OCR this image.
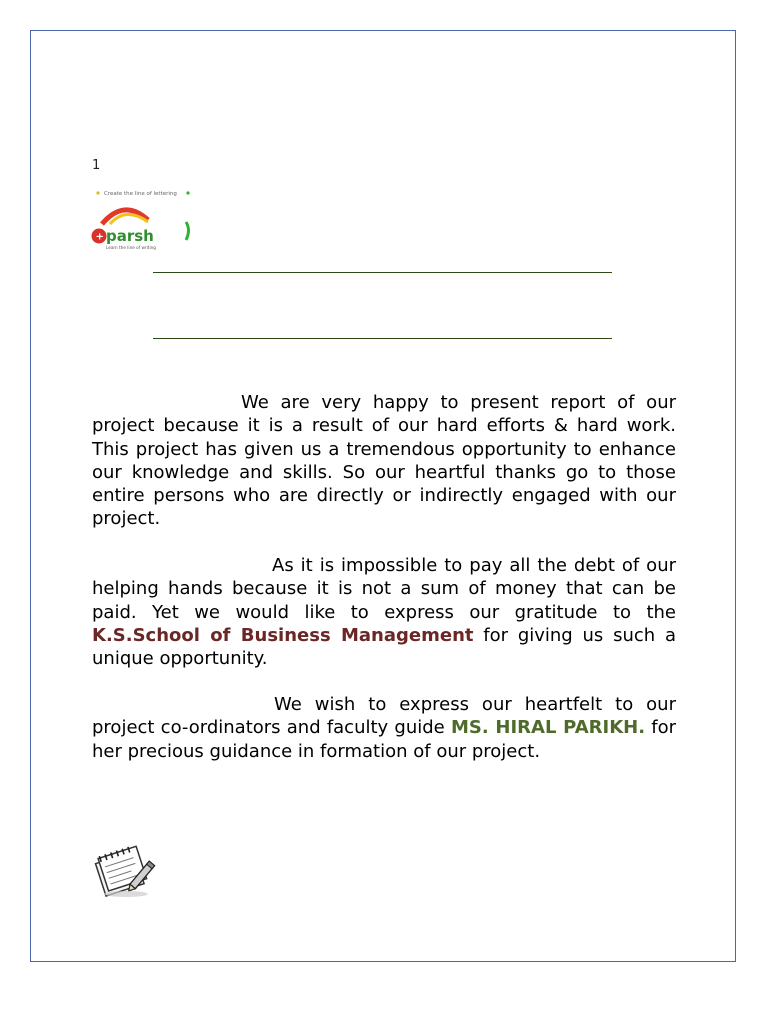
1
Create the line of lettering
+ parsh
Learn the line of writing
We are very happy to present report of our project because it is a result of our hard efforts & hard work. This project has given us a tremendous opportunity to enhance our knowledge and skills. So our heartful thanks go to those entire persons who are directly or indirectly engaged with our project.
As it is impossible to pay all the debt of our helping hands because it is not a sum of money that can be paid. Yet we would like to express our gratitude to the K.S.School of Business Management for giving us such a unique opportunity.
We wish to express our heartfelt to our project co-ordinators and faculty guide MS. HIRAL PARIKH. for her precious guidance in formation of our project.
